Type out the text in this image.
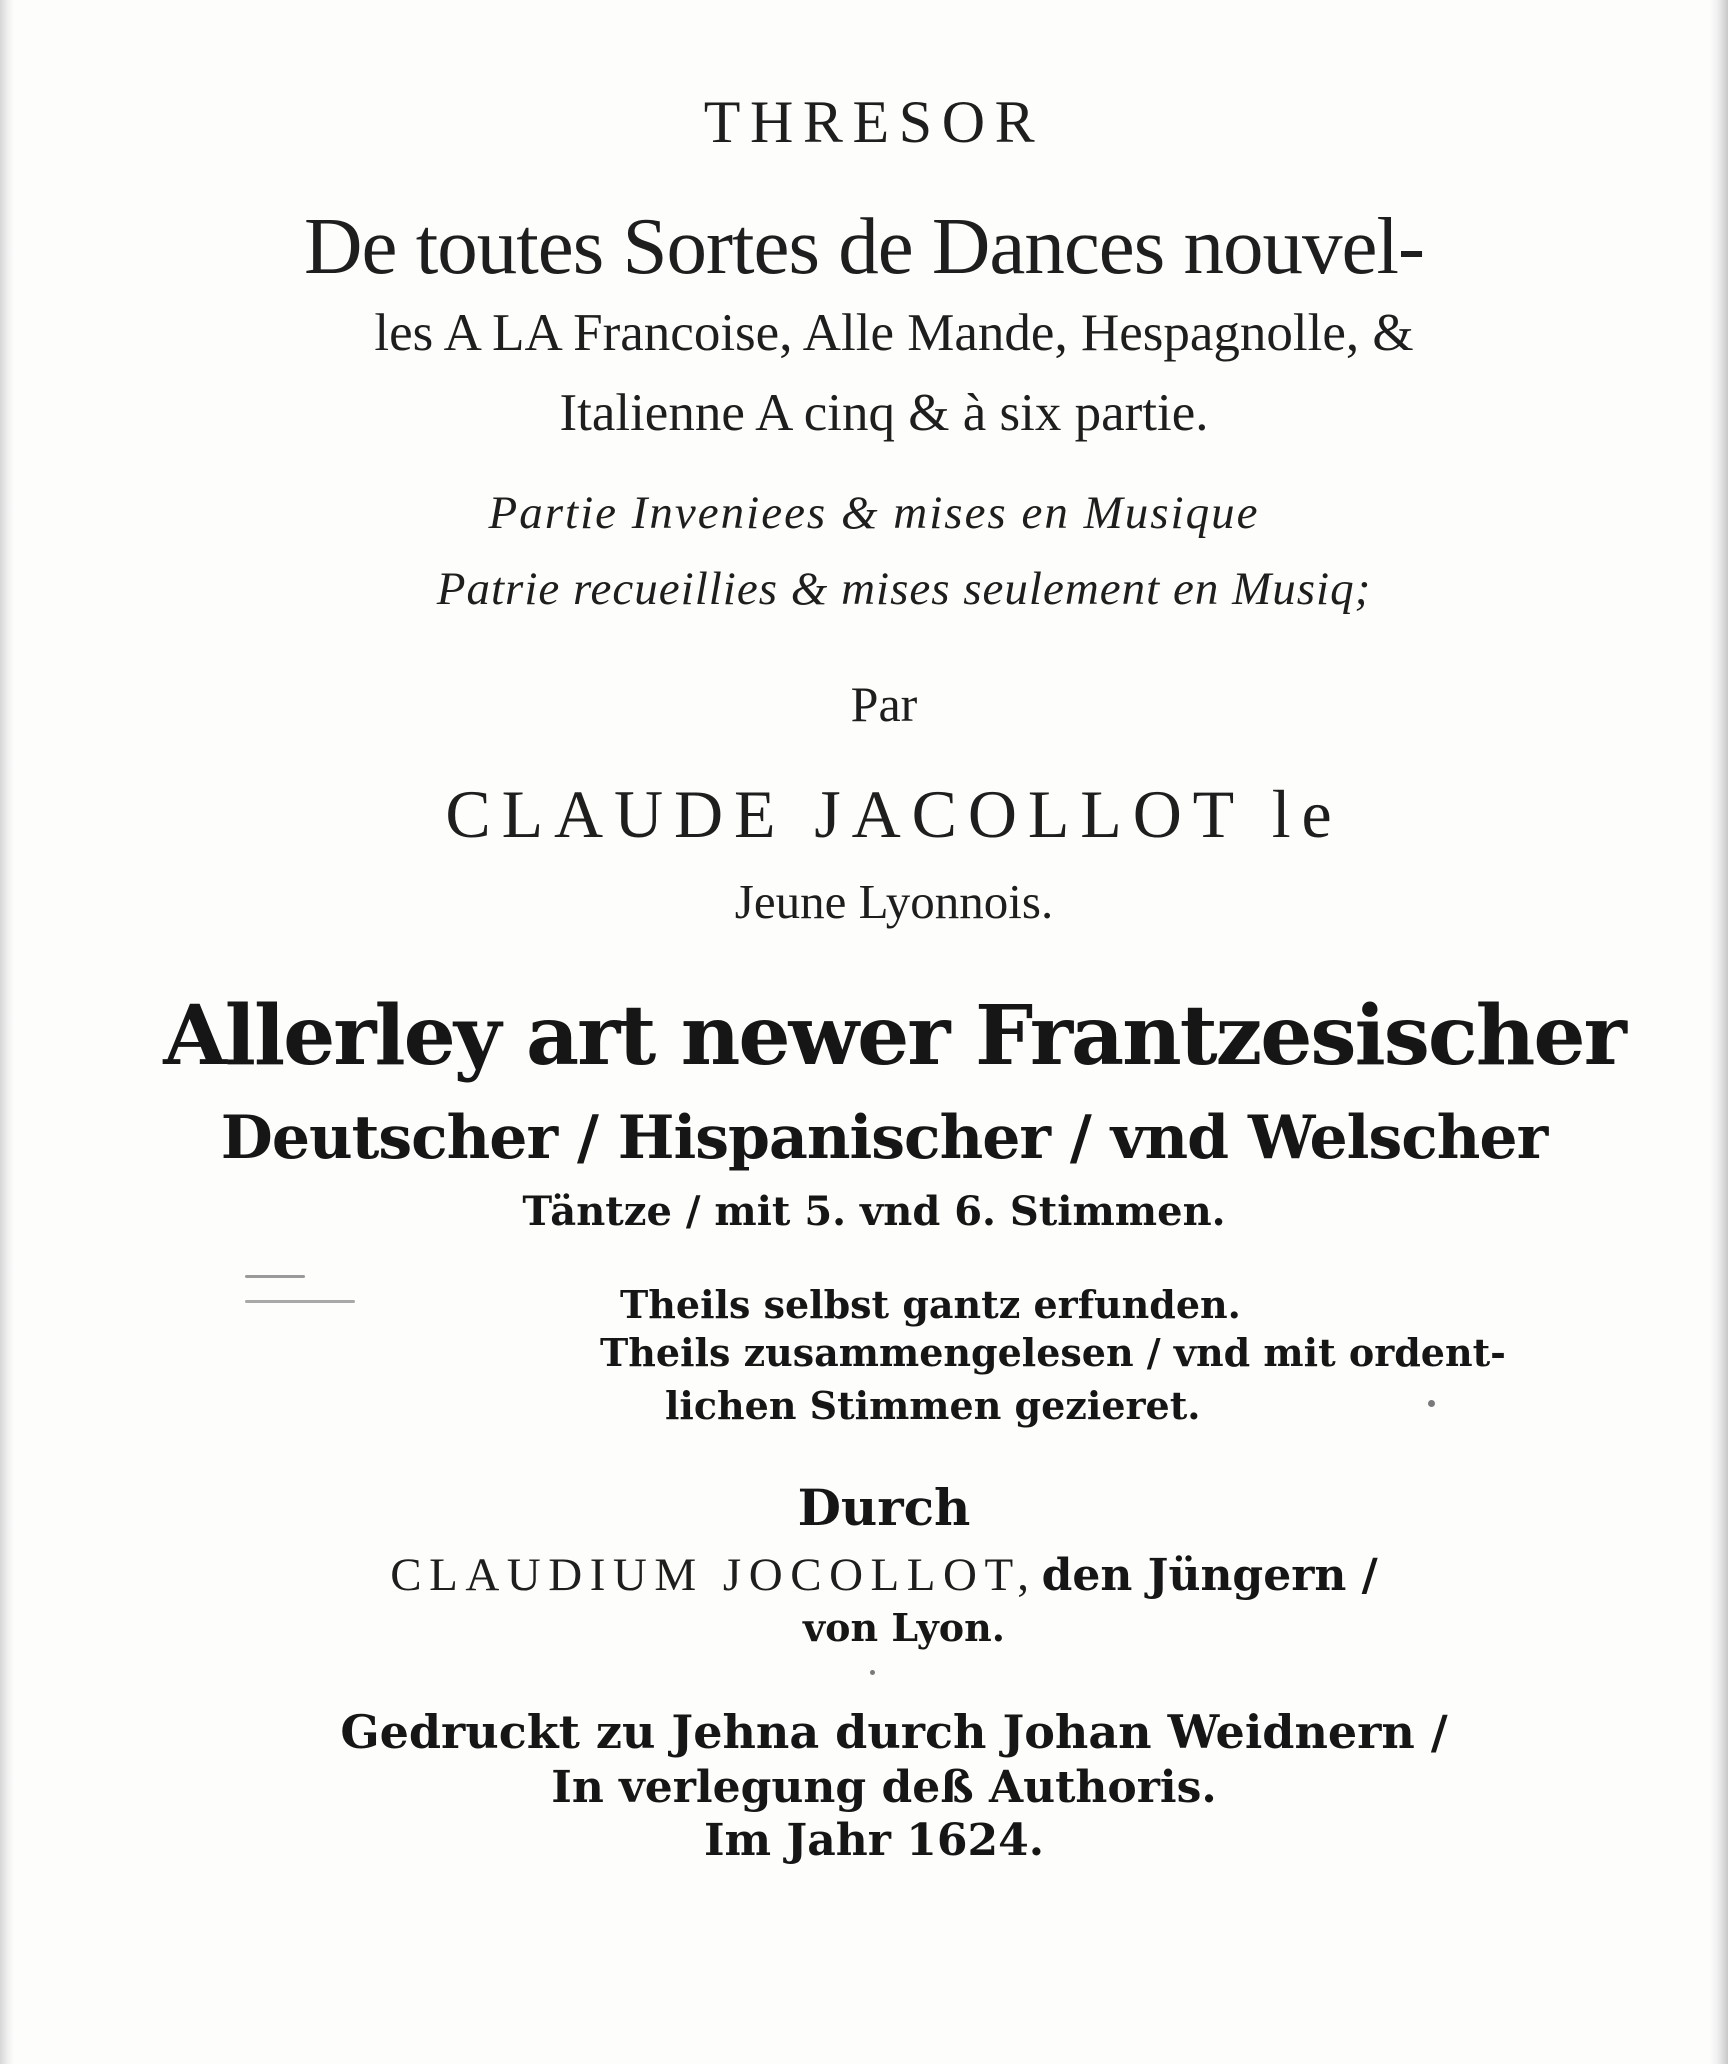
THRESOR
De toutes Sortes de Dances nouvel-
les A LA Francoise, Alle Mande, Hespagnolle, &
Italienne A cinq & à six partie.
Partie Inveniees & mises en Musique
Patrie recueillies & mises seulement en Musiq;
Par
CLAUDE JACOLLOT le
Jeune Lyonnois.
Allerley art newer Frantzesischer
Deutscher / Hispanischer / vnd Welscher
Täntze / mit 5. vnd 6. Stimmen.
Theils selbst gantz erfunden.
Theils zusammengelesen / vnd mit ordent-
lichen Stimmen gezieret.
Durch
CLAUDIUM JOCOLLOT, den Jüngern /
von Lyon.
Gedruckt zu Jehna durch Johan Weidnern /
In verlegung deß Authoris.
Im Jahr 1624.
